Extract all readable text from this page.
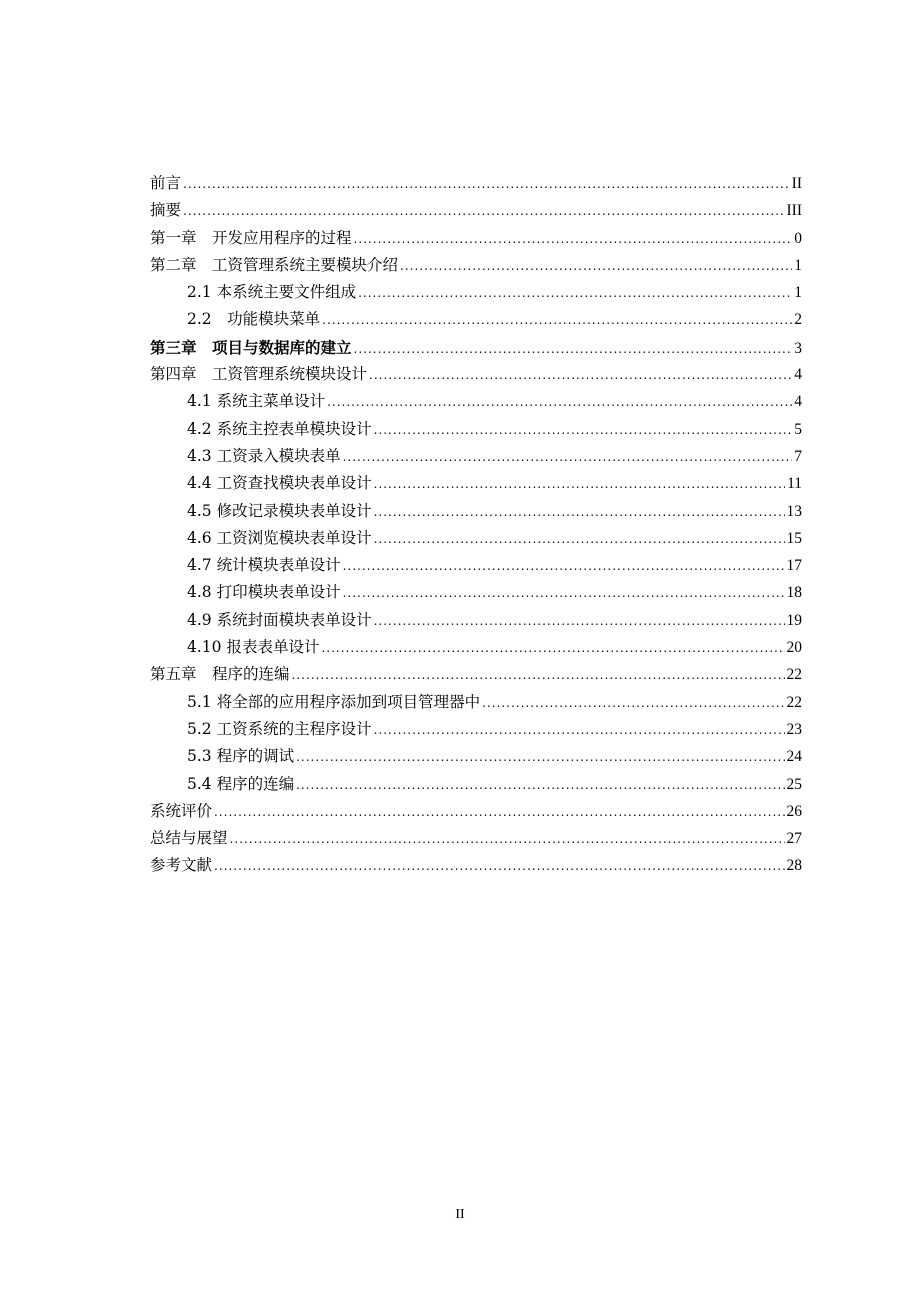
前言 .....	II
摘要 .....	III
第一章　开发应用程序的过程 .....	0
第二章　工资管理系统主要模块介绍 .....	1
2.1 本系统主要文件组成 .....	1
2.2　功能模块菜单 .....	2
第三章　项目与数据库的建立 .....	3
第四章　工资管理系统模块设计 .....	4
4.1 系统主菜单设计 .....	4
4.2 系统主控表单模块设计 .....	5
4.3 工资录入模块表单 .....	7
4.4 工资查找模块表单设计 .....	11
4.5 修改记录模块表单设计 .....	13
4.6 工资浏览模块表单设计 .....	15
4.7 统计模块表单设计 .....	17
4.8 打印模块表单设计 .....	18
4.9 系统封面模块表单设计 .....	19
4.10 报表表单设计 .....	20
第五章　程序的连编 .....	22
5.1 将全部的应用程序添加到项目管理器中 .....	22
5.2 工资系统的主程序设计 .....	23
5.3 程序的调试 .....	24
5.4 程序的连编 .....	25
系统评价 .....	26
总结与展望 .....	27
参考文献 .....	28
II
